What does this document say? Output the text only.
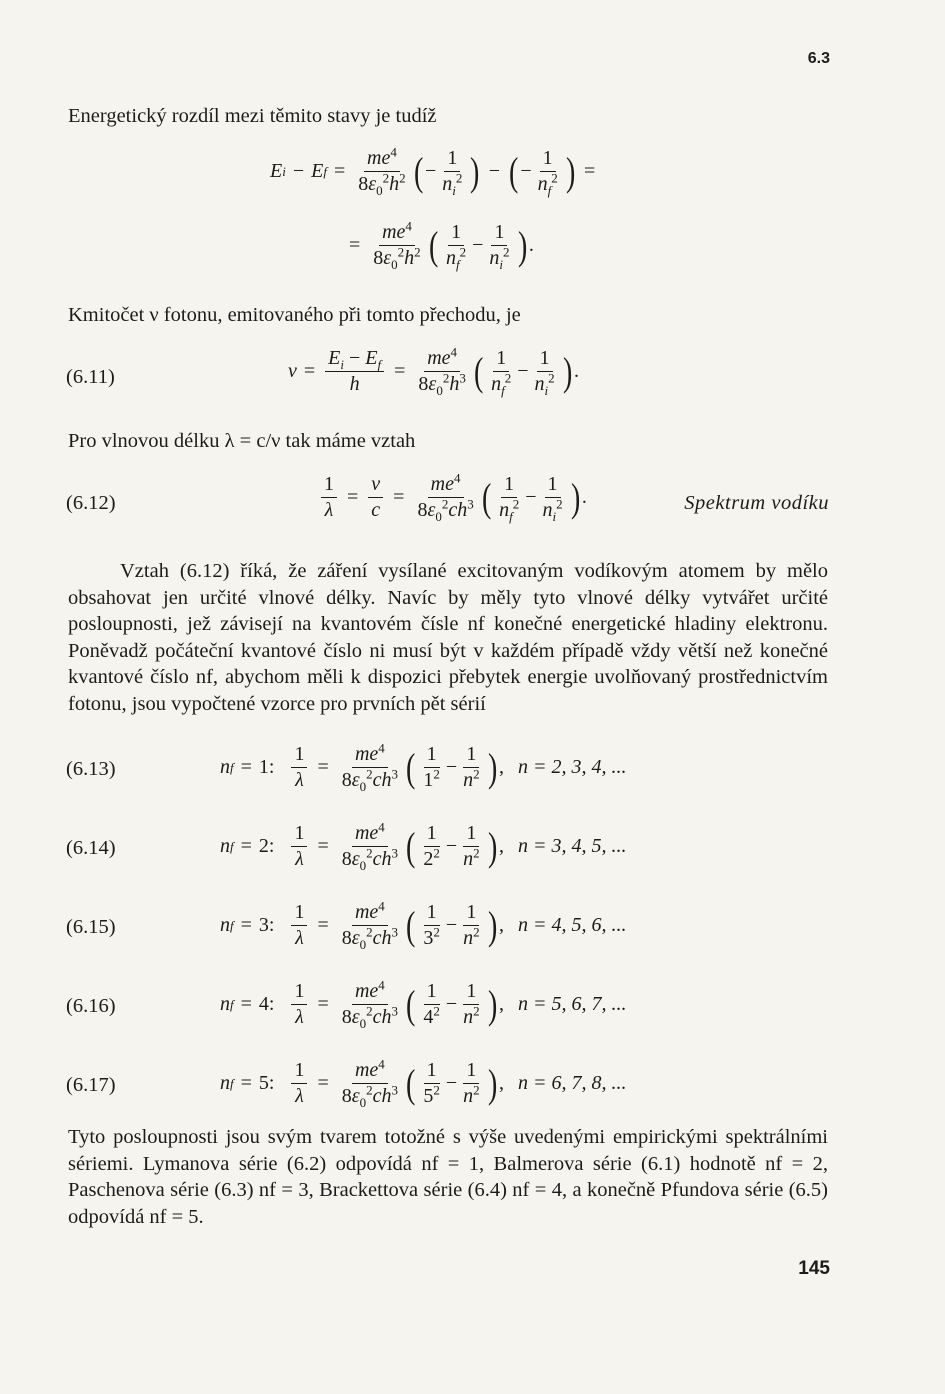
6.3
Energetický rozdíl mezi těmito stavy je tudíž
E i − E $f = \frac{me^4}{8\varepsilon_0^2h^2}$ ( − $\frac{1}{n_i^2}$ ) − ( − $\frac{1}{n_f^2}$ ) =
= $\frac{me^4}{8\varepsilon_0^2h^2}$ ( $\frac{1}{n_f^2} - \frac{1}{n_i^2}$ ) .
Kmitočet ν fotonu, emitovaného při tomto přechodu, je
(6.11)	$\nu = \frac{E_i - E_f}{h} = \frac{me^4}{8\varepsilon_0^2h^3}$ ( $\frac{1}{n_f^2} - \frac{1}{n_i^2}$ ) .
Pro vlnovou délku λ = c/ν tak máme vztah
(6.12)	$\frac{1}{\lambda} = \frac{\nu}{c} = \frac{me^4}{8\varepsilon_0^2ch^3}$ ( $\frac{1}{n_f^2} - \frac{1}{n_i^2}$ ) .	Spektrum vodíku
Vztah (6.12) říká, že záření vysílané excitovaným vodíkovým atomem by mělo obsahovat jen určité vlnové délky. Navíc by měly tyto vlnové délky vytvářet určité posloupnosti, jež závisejí na kvantovém čísle nf konečné energetické hladiny elektronu. Poněvadž počáteční kvantové číslo ni musí být v každém případě vždy větší než konečné kvantové číslo nf, abychom měli k dispozici přebytek energie uvolňovaný prostřednictvím fotonu, jsou vypočtené vzorce pro prvních pět sérií
(6.13)	n f = 1 : $\frac{1}{\lambda} = \frac{me^4}{8\varepsilon_0^2ch^3}$ ( $\frac{1}{1^2} - \frac{1}{n^2}$ ) , n = 2, 3, 4, ...
(6.14)	n f = 2 : $\frac{1}{\lambda} = \frac{me^4}{8\varepsilon_0^2ch^3}$ ( $\frac{1}{2^2} - \frac{1}{n^2}$ ) , n = 3, 4, 5, ...
(6.15)	n f = 3 : $\frac{1}{\lambda} = \frac{me^4}{8\varepsilon_0^2ch^3}$ ( $\frac{1}{3^2} - \frac{1}{n^2}$ ) , n = 4, 5, 6, ...
(6.16)	n f = 4 : $\frac{1}{\lambda} = \frac{me^4}{8\varepsilon_0^2ch^3}$ ( $\frac{1}{4^2} - \frac{1}{n^2}$ ) , n = 5, 6, 7, ...
(6.17)	n f = 5 : $\frac{1}{\lambda} = \frac{me^4}{8\varepsilon_0^2ch^3}$ ( $\frac{1}{5^2} - \frac{1}{n^2}$ ) , n = 6, 7, 8, ...
Tyto posloupnosti jsou svým tvarem totožné s výše uvedenými empirickými spektrálními sériemi. Lymanova série (6.2) odpovídá nf = 1, Balmerova série (6.1) hodnotě nf = 2, Paschenova série (6.3) nf = 3, Brackettova série (6.4) nf = 4, a konečně Pfundova série (6.5) odpovídá nf = 5.
145
